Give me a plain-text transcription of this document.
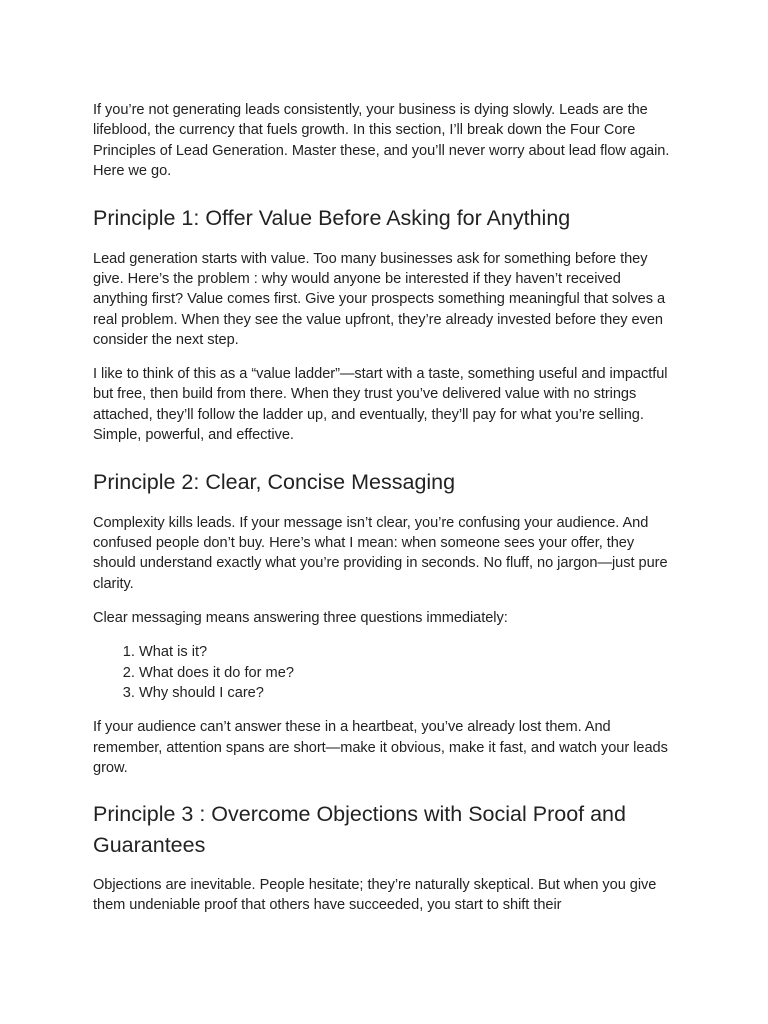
If you’re not generating leads consistently, your business is dying slowly. Leads are the lifeblood, the currency that fuels growth. In this section, I’ll break down the Four Core Principles of Lead Generation. Master these, and you’ll never worry about lead flow again. Here we go.

Principle 1: Offer Value Before Asking for Anything

Lead generation starts with value. Too many businesses ask for something before they give. Here’s the problem : why would anyone be interested if they haven’t received anything first? Value comes first. Give your prospects something meaningful that solves a real problem. When they see the value upfront, they’re already invested before they even consider the next step.

I like to think of this as a “value ladder”—start with a taste, something useful and impactful but free, then build from there. When they trust you’ve delivered value with no strings attached, they’ll follow the ladder up, and eventually, they’ll pay for what you’re selling. Simple, powerful, and effective.

Principle 2: Clear, Concise Messaging

Complexity kills leads. If your message isn’t clear, you’re confusing your audience. And confused people don’t buy. Here’s what I mean: when someone sees your offer, they should understand exactly what you’re providing in seconds. No fluff, no jargon—just pure clarity.

Clear messaging means answering three questions immediately:

1. What is it?
2. What does it do for me?
3. Why should I care?

If your audience can’t answer these in a heartbeat, you’ve already lost them. And remember, attention spans are short—make it obvious, make it fast, and watch your leads grow.

Principle 3 : Overcome Objections with Social Proof and Guarantees

Objections are inevitable. People hesitate; they’re naturally skeptical. But when you give them undeniable proof that others have succeeded, you start to shift their
